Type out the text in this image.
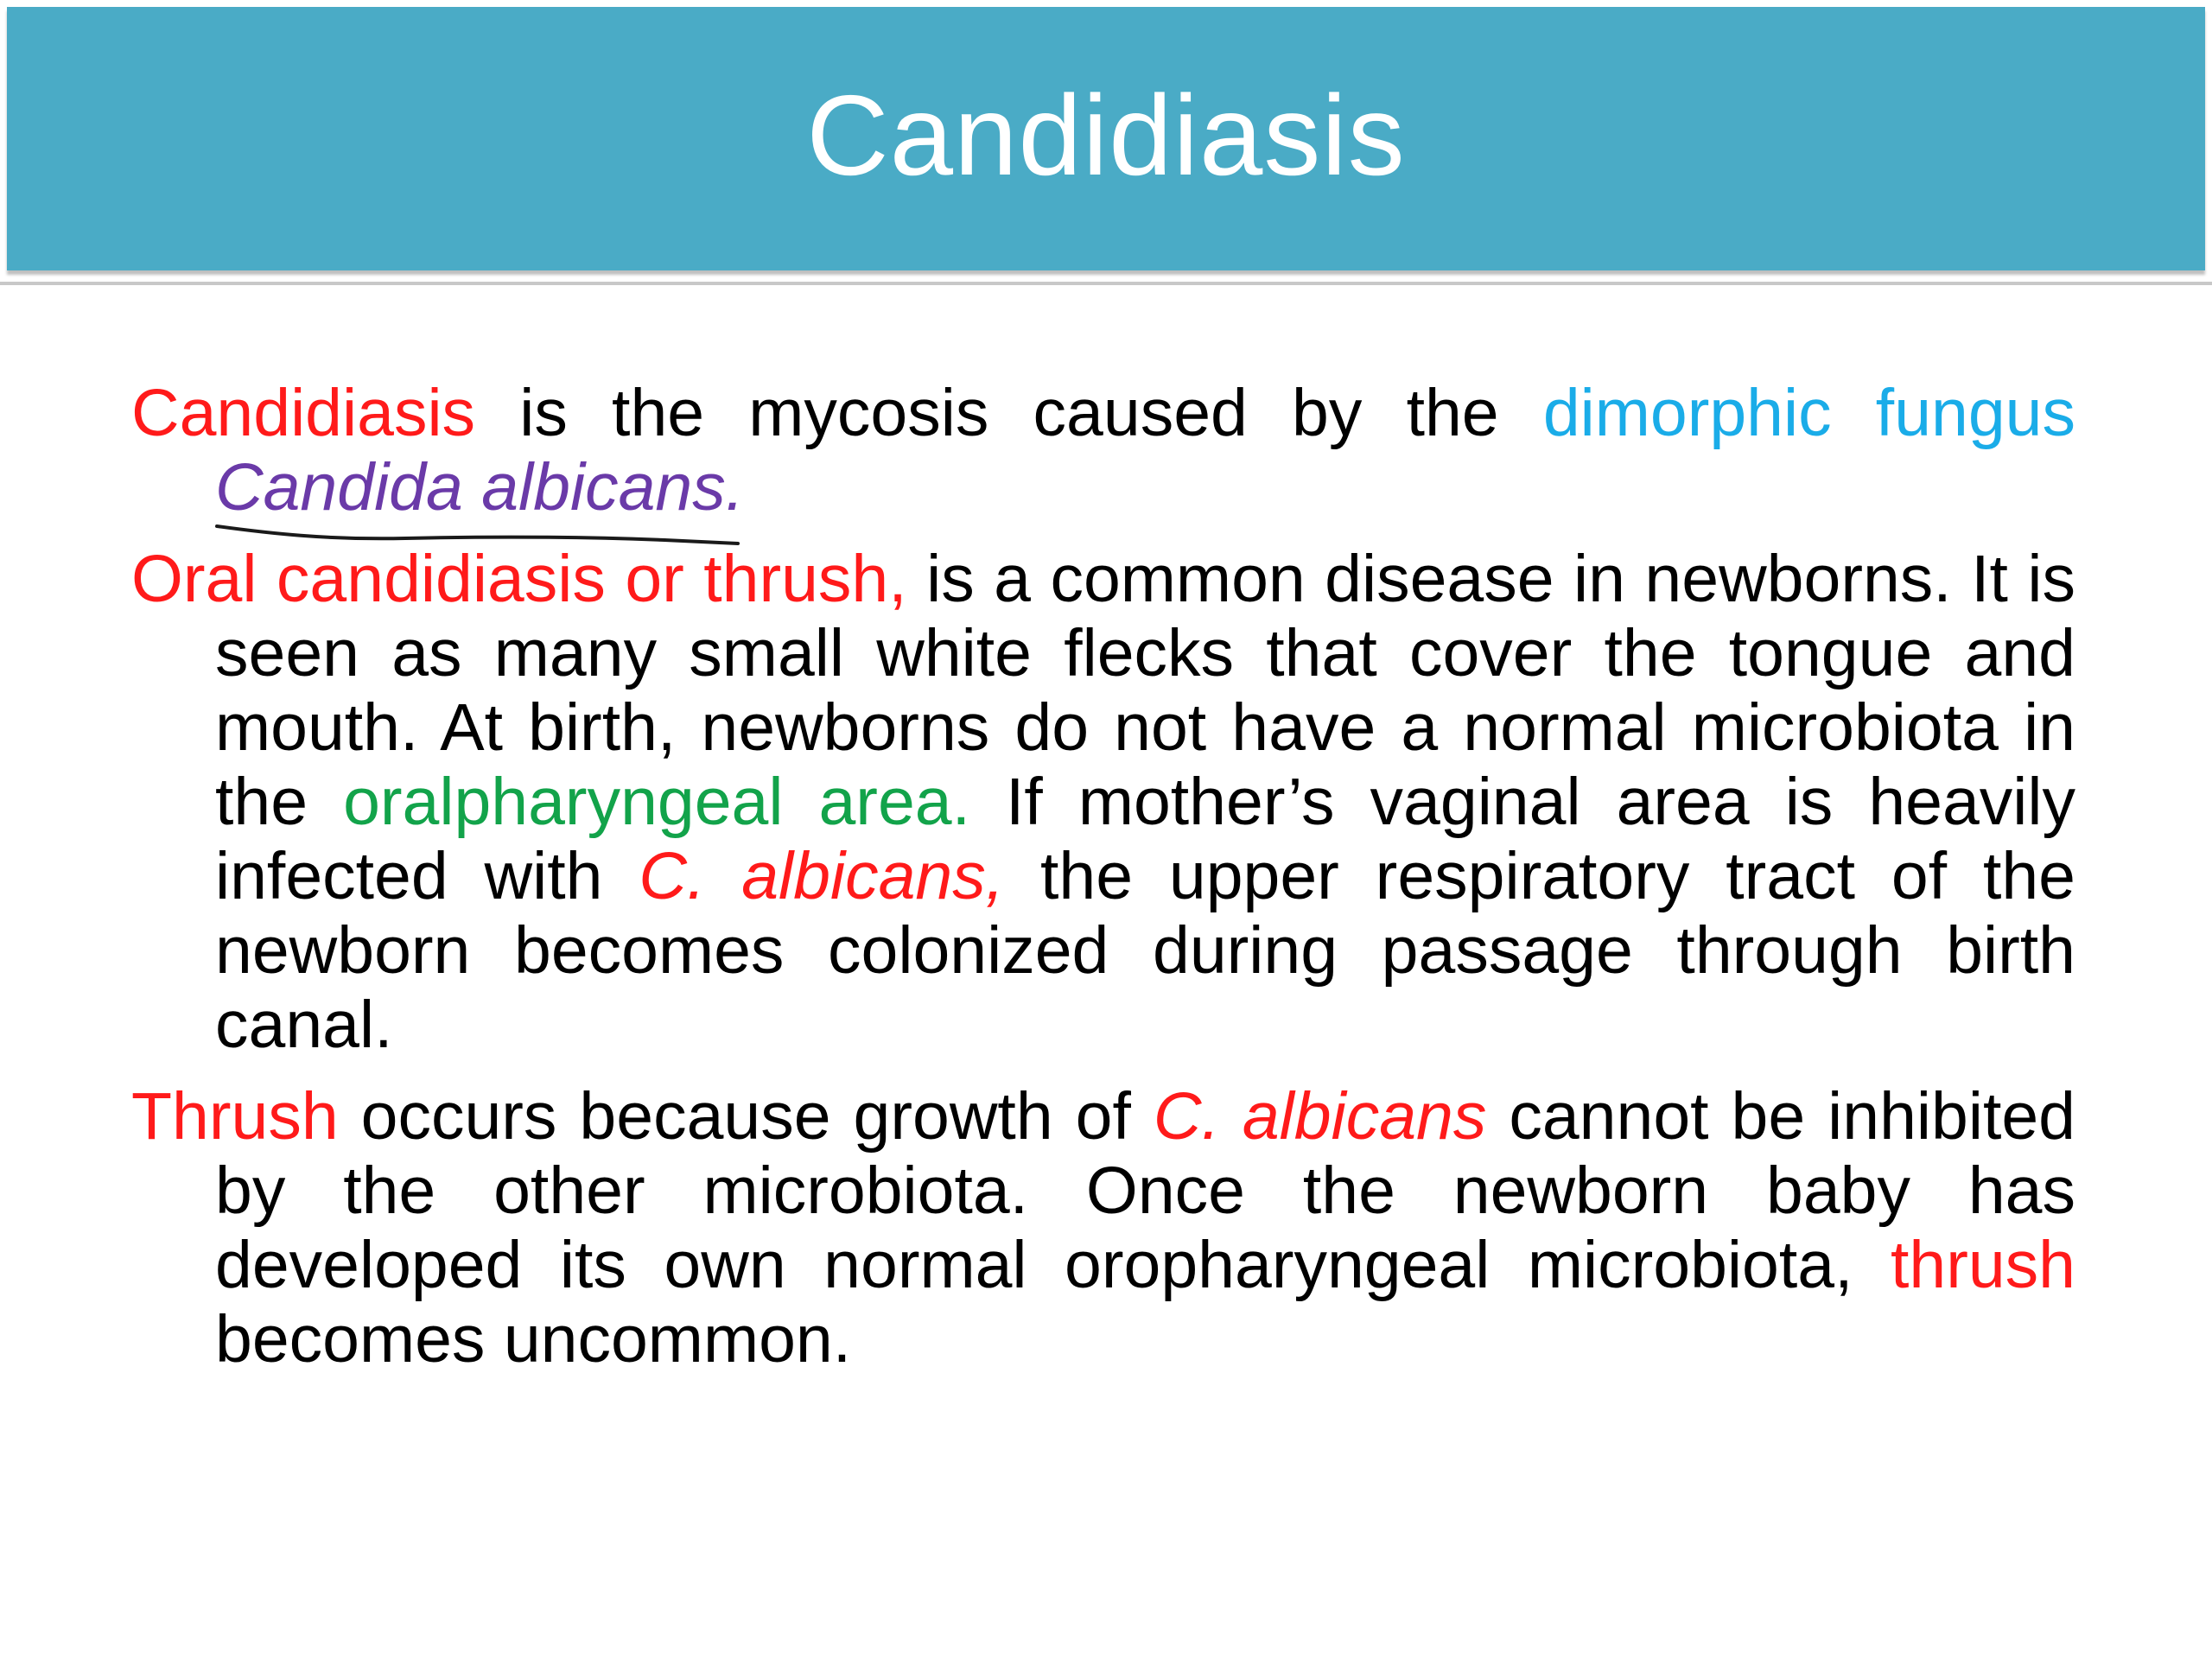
Candidiasis

Candidiasis is the mycosis caused by the dimorphic fungus Candida albicans.

Oral candidiasis or thrush, is a common disease in newborns. It is seen as many small white flecks that cover the tongue and mouth. At birth, newborns do not have a normal microbiota in the oralpharyngeal area. If mother’s vaginal area is heavily infected with C. albicans, the upper respiratory tract of the newborn becomes colonized during passage through birth canal.

Thrush occurs because growth of C. albicans cannot be inhibited by the other microbiota. Once the newborn baby has developed its own normal oropharyngeal microbiota, thrush becomes uncommon.
